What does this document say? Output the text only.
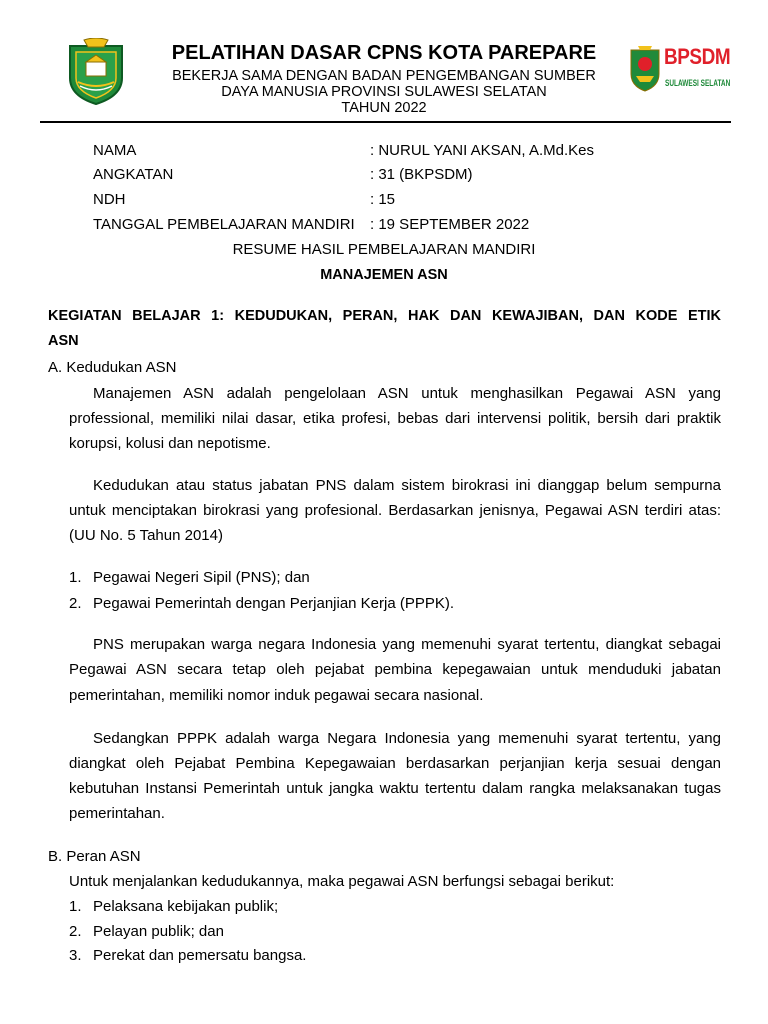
PELATIHAN DASAR CPNS KOTA PAREPARE
BEKERJA SAMA DENGAN BADAN PENGEMBANGAN SUMBER
DAYA MANUSIA PROVINSI SULAWESI SELATAN
TAHUN 2022
BPSDM
SULAWESI SELATAN
NAMA	: NURUL YANI AKSAN, A.Md.Kes
ANGKATAN	: 31 (BKPSDM)
NDH	: 15
TANGGAL PEMBELAJARAN MANDIRI : 19 SEPTEMBER 2022
RESUME HASIL PEMBELAJARAN MANDIRI
MANAJEMEN ASN
KEGIATAN BELAJAR 1: KEDUDUKAN, PERAN, HAK DAN KEWAJIBAN, DAN KODE ETIK
ASN
A. Kedudukan ASN
Manajemen ASN adalah pengelolaan ASN untuk menghasilkan Pegawai ASN yang
professional, memiliki nilai dasar, etika profesi, bebas dari intervensi politik, bersih dari praktik
korupsi, kolusi dan nepotisme.
Kedudukan atau status jabatan PNS dalam sistem birokrasi ini dianggap belum sempurna
untuk menciptakan birokrasi yang profesional. Berdasarkan jenisnya, Pegawai ASN terdiri atas:
(UU No. 5 Tahun 2014)
1. Pegawai Negeri Sipil (PNS); dan
2. Pegawai Pemerintah dengan Perjanjian Kerja (PPPK).
PNS merupakan warga negara Indonesia yang memenuhi syarat tertentu, diangkat sebagai
Pegawai ASN secara tetap oleh pejabat pembina kepegawaian untuk menduduki jabatan
pemerintahan, memiliki nomor induk pegawai secara nasional.
Sedangkan PPPK adalah warga Negara Indonesia yang memenuhi syarat tertentu, yang
diangkat oleh Pejabat Pembina Kepegawaian berdasarkan perjanjian kerja sesuai dengan
kebutuhan Instansi Pemerintah untuk jangka waktu tertentu dalam rangka melaksanakan tugas
pemerintahan.
B. Peran ASN
Untuk menjalankan kedudukannya, maka pegawai ASN berfungsi sebagai berikut:
1. Pelaksana kebijakan publik;
2. Pelayan publik; dan
3. Perekat dan pemersatu bangsa.
